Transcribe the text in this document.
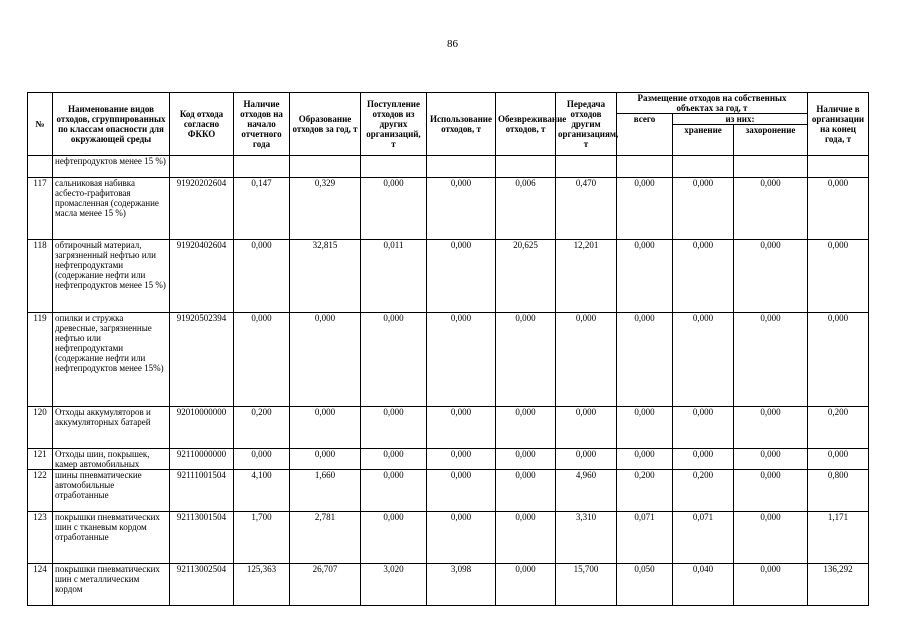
86
№	Наименование видов отходов, сгруппированных по классам опасности для окружающей среды	Код отхода согласно ФККО	Наличие отходов на начало отчетного года	Образование отходов за год, т	Поступление отходов из других организаций, т	Использование отходов, т	Обезвреживание отходов, т	Передача отходов другим организациям, т	Размещение отходов на собственных объектах за год, т			Наличие в организации на конец года, т
									всего	из них:		
										хранение	захоронение	
	нефтепродуктов менее 15 %)											
117	сальниковая набивка асбесто-графитовая промасленная (содержание масла менее 15 %)	91920202604	0,147	0,329	0,000	0,000	0,006	0,470	0,000	0,000	0,000	0,000
118	обтирочный материал, загрязненный нефтью или нефтепродуктами (содержание нефти или нефтепродуктов менее 15 %)	91920402604	0,000	32,815	0,011	0,000	20,625	12,201	0,000	0,000	0,000	0,000
119	опилки и стружка древесные, загрязненные нефтью или нефтепродуктами (содержание нефти или нефтепродуктов менее 15%)	91920502394	0,000	0,000	0,000	0,000	0,000	0,000	0,000	0,000	0,000	0,000
120	Отходы аккумуляторов и аккумуляторных батарей	92010000000	0,200	0,000	0,000	0,000	0,000	0,000	0,000	0,000	0,000	0,200
121	Отходы шин, покрышек, камер автомобильных	92110000000	0,000	0,000	0,000	0,000	0,000	0,000	0,000	0,000	0,000	0,000
122	шины пневматические автомобильные отработанные	92111001504	4,100	1,660	0,000	0,000	0,000	4,960	0,200	0,200	0,000	0,800
123	покрышки пневматических шин с тканевым кордом отработанные	92113001504	1,700	2,781	0,000	0,000	0,000	3,310	0,071	0,071	0,000	1,171
124	покрышки пневматических шин с металлическим кордом	92113002504	125,363	26,707	3,020	3,098	0,000	15,700	0,050	0,040	0,000	136,292
